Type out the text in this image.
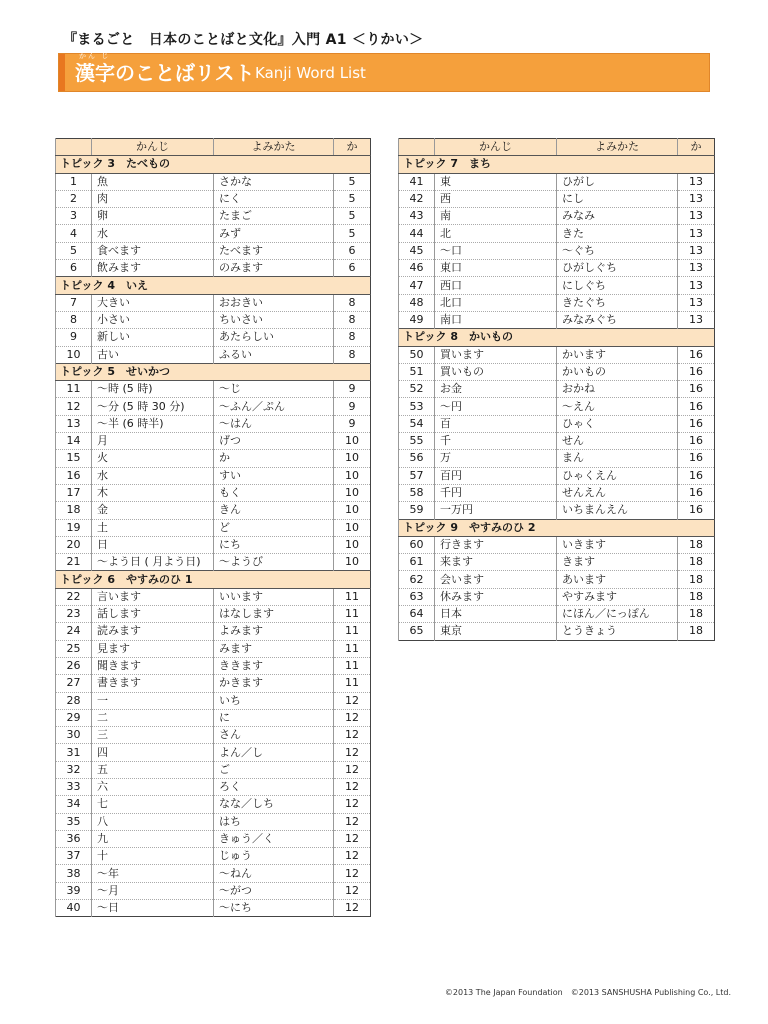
『まるごと　日本のことばと文化』入門 A1 ＜りかい＞
かん じ
漢字のことばリスト Kanji Word List
	かんじ	よみかた	か
トピック 3　たべもの			
1	魚	さかな	5
2	肉	にく	5
3	卵	たまご	5
4	水	みず	5
5	食べます	たべます	6
6	飲みます	のみます	6
トピック 4　いえ			
7	大きい	おおきい	8
8	小さい	ちいさい	8
9	新しい	あたらしい	8
10	古い	ふるい	8
トピック 5　せいかつ			
11	～時 (5 時)	～じ	9
12	～分 (5 時 30 分)	～ふん／ぷん	9
13	～半 (6 時半)	～はん	9
14	月	げつ	10
15	火	か	10
16	水	すい	10
17	木	もく	10
18	金	きん	10
19	土	ど	10
20	日	にち	10
21	～よう日 ( 月よう日)	～ようび	10
トピック 6　やすみのひ 1			
22	言います	いいます	11
23	話します	はなします	11
24	読みます	よみます	11
25	見ます	みます	11
26	聞きます	ききます	11
27	書きます	かきます	11
28	一	いち	12
29	二	に	12
30	三	さん	12
31	四	よん／し	12
32	五	ご	12
33	六	ろく	12
34	七	なな／しち	12
35	八	はち	12
36	九	きゅう／く	12
37	十	じゅう	12
38	～年	～ねん	12
39	～月	～がつ	12
40	～日	～にち	12
	かんじ	よみかた	か
トピック 7　まち			
41	東	ひがし	13
42	西	にし	13
43	南	みなみ	13
44	北	きた	13
45	～口	～ぐち	13
46	東口	ひがしぐち	13
47	西口	にしぐち	13
48	北口	きたぐち	13
49	南口	みなみぐち	13
トピック 8　かいもの			
50	買います	かいます	16
51	買いもの	かいもの	16
52	お金	おかね	16
53	～円	～えん	16
54	百	ひゃく	16
55	千	せん	16
56	万	まん	16
57	百円	ひゃくえん	16
58	千円	せんえん	16
59	一万円	いちまんえん	16
トピック 9　やすみのひ 2			
60	行きます	いきます	18
61	来ます	きます	18
62	会います	あいます	18
63	休みます	やすみます	18
64	日本	にほん／にっぽん	18
65	東京	とうきょう	18
©2013 The Japan Foundation　©2013 SANSHUSHA Publishing Co., Ltd.
